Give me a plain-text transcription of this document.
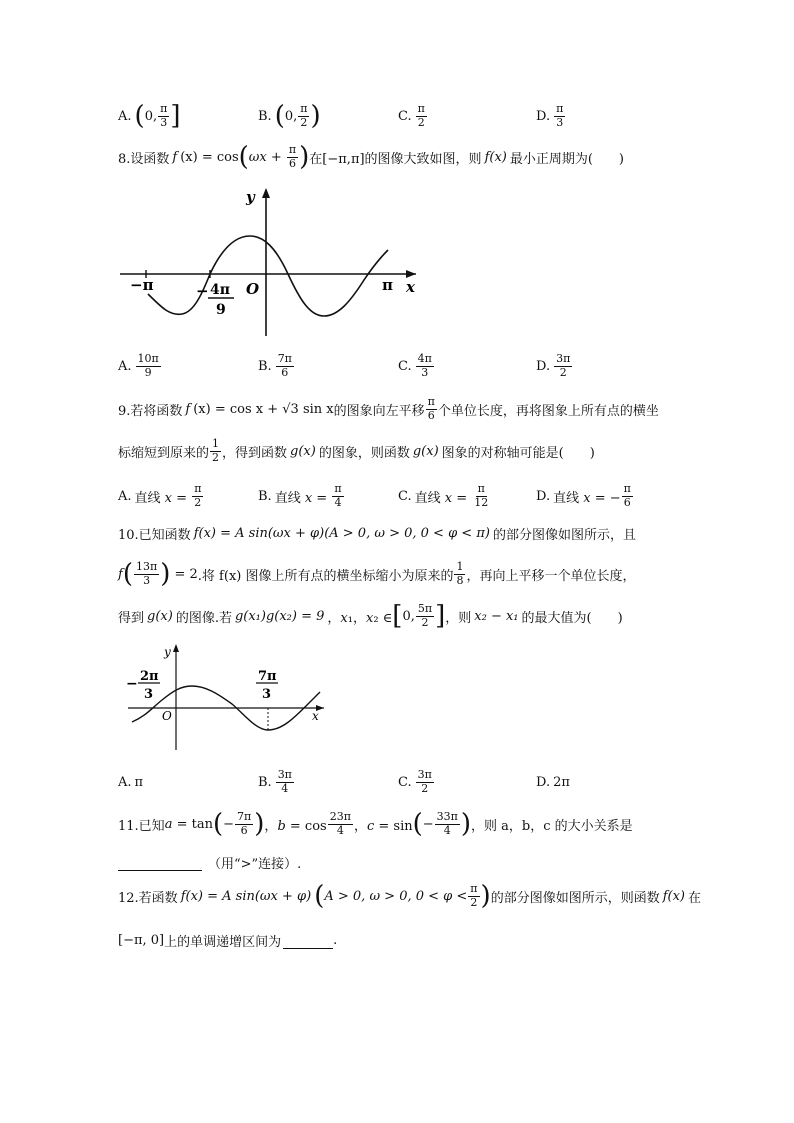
A. ( 0, $\frac{\pi}{3}$ ]	B. ( 0, $\frac{\pi}{2}$ )	C. $\frac{\pi}{2}$	D. $\frac{\pi}{3}$
8.设函数 f (x) = cos ( $\omega x + \frac{\pi}{6}$ ) 在[−π,π]的图像大致如图，则 f(x) 最小正周期为(　　)
y
x
O
−π	π
− 4π
9
A. $\frac{10\pi}{9}$	B. $\frac{7\pi}{6}$	C. $\frac{4\pi}{3}$	D. $\frac{3\pi}{2}$
9.若将函数 f (x) = cos x + √3 sin x 的图象向左平移 $\frac{\pi}{6}$ 个单位长度，再将图象上所有点的横坐
标缩短到原来的 $\frac{1}{2}$ ，得到函数 g(x) 的图象，则函数 g(x) 图象的对称轴可能是(　　)
A. 直线 $x = \frac{\pi}{2}$	B. 直线 $x = \frac{\pi}{4}$	C. 直线 $x = \frac{\pi}{12}$	D. 直线 x = − $\frac{\pi}{6}$
10.已知函数 f(x) = A sin(ωx + φ)(A > 0, ω > 0, 0 < φ < π) 的部分图像如图所示，且
f ( $\frac{13\pi}{3}$ ) = 2 .将 f(x) 图像上所有点的横坐标缩小为原来的 $\frac{1}{8}$ ，再向上平移一个单位长度，
得到 g(x) 的图像.若 g(x₁)g(x₂) = 9 ，x₁，x₂ ∈ [ 0, $\frac{5\pi}{2}$ ] ，则 x₂ − x₁ 的最大值为(　　)
y
x
O
− 2π
3
7π
3
A. π	B. $\frac{3\pi}{4}$	C. $\frac{3\pi}{2}$	D. 2π
11.已知 a = tan ( − $\frac{7\pi}{6}$ ) ，$b = \cos \frac{23\pi}{4}$ ，c = sin ( − $\frac{33\pi}{4}$ ) ，则 a，b，c 的大小关系是
（用“>”连接）.
12.若函数 f(x) = A sin(ωx + φ) ( A > 0, ω > 0, $0 < \varphi < \frac{\pi}{2}$ ) 的部分图像如图所示，则函数 f(x) 在
[−π, 0] 上的单调递增区间为	.
